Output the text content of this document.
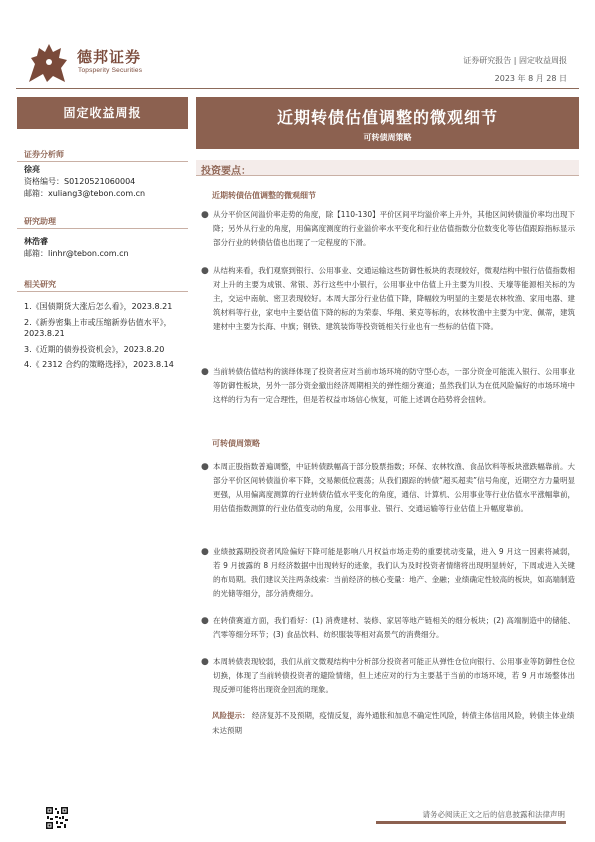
德邦证券
Topsperity Securities
证券研究报告 | 固定收益周报
2023 年 8 月 28 日
固定收益周报	近期转债估值调整的微观细节
可转债周策略
证券分析师
徐亮
资格编号：S0120521060004
邮箱：xuliang3@tebon.com.cn
研究助理
林浩睿
邮箱：linhr@tebon.com.cn
相关研究
1.《国债期货大涨后怎么看》，2023.8.21
2.《新券密集上市或压缩新券估值水平》，2023.8.21
3.《近期的债券投资机会》，2023.8.20
4.《 2312 合约的策略选择》，2023.8.14
投资要点：
近期转债估值调整的微观细节
● 从分平价区间溢价率走势的角度，除【110-130】平价区间平均溢价率上升外，其他区间转债溢价率均出现下降；另外从行业的角度，用偏离度测度的行业溢价率水平变化和行业估值指数分位数变化等估值跟踪指标显示部分行业的转债估值也出现了一定程度的下滑。
● 从结构来看，我们观察到银行、公用事业、交通运输这些防御性板块的表现较好，微观结构中银行估值指数相对上升的主要为成银、常银、苏行这些中小银行，公用事业中估值上升主要为川投、天壕等能源相关标的为主，交运中南航、密卫表现较好。本周大部分行业估值下降，降幅较为明显的主要是农林牧渔、家用电器、建筑材料等行业，家电中主要估值下降的标的为荣泰、华翔、莱克等标的，农林牧渔中主要为中宠、佩蒂，建筑建材中主要为长海、中旗；钢铁、建筑装饰等投资链相关行业也有一些标的估值下降。
● 当前转债估值结构的演绎体现了投资者应对当前市场环境的防守型心态，一部分资金可能流入银行、公用事业等防御性板块，另外一部分资金撤出经济周期相关的弹性细分赛道；虽然我们认为在低风险偏好的市场环境中这样的行为有一定合理性，但是若权益市场信心恢复，可能上述调仓趋势将会扭转。
可转债周策略
● 本周正股指数普遍调整，中证转债跌幅高于部分股票指数；环保、农林牧渔、食品饮料等板块涨跌幅靠前。大部分平价区间转债溢价率下降，交易额低位震荡；从我们跟踪的转债“超买超卖”信号角度，近期空方力量明显更强，从用偏离度测算的行业转债估值水平变化的角度，通信、计算机、公用事业等行业估值水平涨幅靠前，用估值指数测算的行业估值变动的角度，公用事业、银行、交通运输等行业估值上升幅度靠前。
● 业绩披露期投资者风险偏好下降可能是影响八月权益市场走势的重要扰动变量，进入 9 月这一因素将减弱，若 9 月披露的 8 月经济数据中出现转好的迹象，我们认为及时投资者情绪将出现明显转好，下周或进入关键的布局期。我们建议关注两条线索：当前经济的核心变量：地产、金融；业绩确定性较高的板块，如高端制造的光储等细分，部分消费细分。
● 在转债赛道方面，我们看好：(1) 消费建材、装修、家居等地产链相关的细分板块；(2) 高端制造中的储能、汽零等细分环节；(3) 食品饮料、纺织服装等相对高景气的消费细分。
● 本周转债表现较弱，我们从前文微观结构中分析部分投资者可能正从弹性仓位向银行、公用事业等防御性仓位切换，体现了当前转债投资者的避险情绪，但上述应对的行为主要基于当前的市场环境，若 9 月市场整体出现反弹可能将出现资金回流的现象。
风险提示： 经济复苏不及预期，疫情反复，海外通胀和加息不确定性风险，转债主体信用风险，转债主体业绩未达预期
请务必阅读正文之后的信息披露和法律声明
